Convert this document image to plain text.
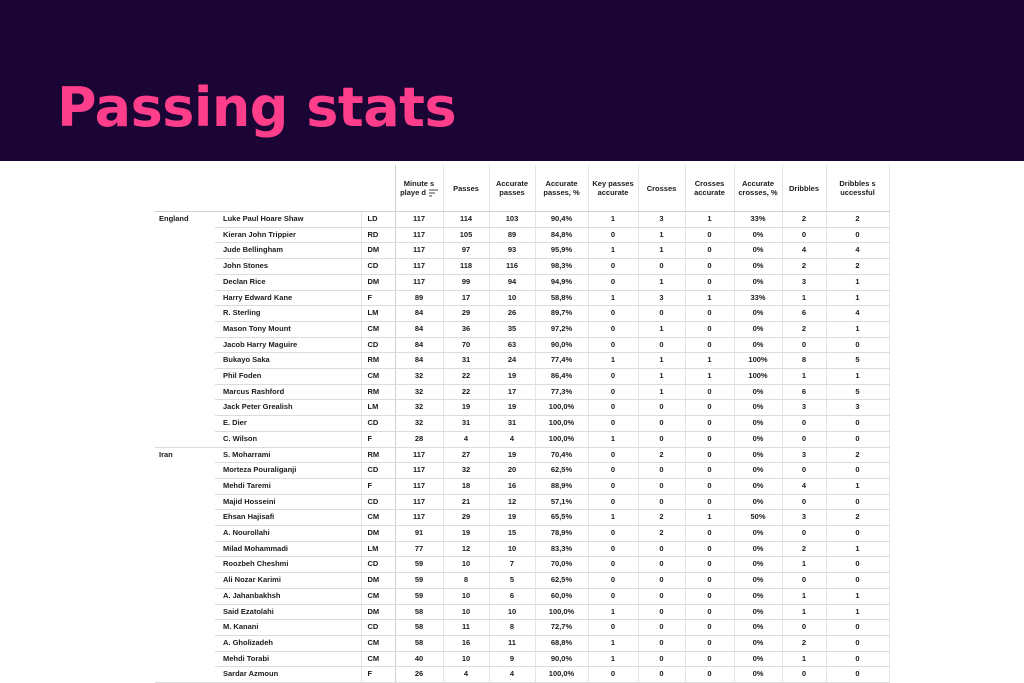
Passing stats
			Minute s playe d	Passes	Accurate passes	Accurate passes, %	Key passes accurate	Crosses	Crosses accurate	Accurate crosses, %	Dribbles	Dribbles s uccessful
England	Luke Paul Hoare Shaw	LD	117	114	103	90,4%	1	3	1	33%	2	2
	Kieran John Trippier	RD	117	105	89	84,8%	0	1	0	0%	0	0
	Jude Bellingham	DM	117	97	93	95,9%	1	1	0	0%	4	4
	John Stones	CD	117	118	116	98,3%	0	0	0	0%	2	2
	Declan Rice	DM	117	99	94	94,9%	0	1	0	0%	3	1
	Harry Edward Kane	F	89	17	10	58,8%	1	3	1	33%	1	1
	R. Sterling	LM	84	29	26	89,7%	0	0	0	0%	6	4
	Mason Tony Mount	CM	84	36	35	97,2%	0	1	0	0%	2	1
	Jacob Harry Maguire	CD	84	70	63	90,0%	0	0	0	0%	0	0
	Bukayo Saka	RM	84	31	24	77,4%	1	1	1	100%	8	5
	Phil Foden	CM	32	22	19	86,4%	0	1	1	100%	1	1
	Marcus Rashford	RM	32	22	17	77,3%	0	1	0	0%	6	5
	Jack Peter Grealish	LM	32	19	19	100,0%	0	0	0	0%	3	3
	E. Dier	CD	32	31	31	100,0%	0	0	0	0%	0	0
	C. Wilson	F	28	4	4	100,0%	1	0	0	0%	0	0
Iran	S. Moharrami	RM	117	27	19	70,4%	0	2	0	0%	3	2
	Morteza Pouraliganji	CD	117	32	20	62,5%	0	0	0	0%	0	0
	Mehdi Taremi	F	117	18	16	88,9%	0	0	0	0%	4	1
	Majid Hosseini	CD	117	21	12	57,1%	0	0	0	0%	0	0
	Ehsan Hajisafi	CM	117	29	19	65,5%	1	2	1	50%	3	2
	A. Nourollahi	DM	91	19	15	78,9%	0	2	0	0%	0	0
	Milad Mohammadi	LM	77	12	10	83,3%	0	0	0	0%	2	1
	Roozbeh Cheshmi	CD	59	10	7	70,0%	0	0	0	0%	1	0
	Ali Nozar Karimi	DM	59	8	5	62,5%	0	0	0	0%	0	0
	A. Jahanbakhsh	CM	59	10	6	60,0%	0	0	0	0%	1	1
	Said Ezatolahi	DM	58	10	10	100,0%	1	0	0	0%	1	1
	M. Kanani	CD	58	11	8	72,7%	0	0	0	0%	0	0
	A. Gholizadeh	CM	58	16	11	68,8%	1	0	0	0%	2	0
	Mehdi Torabi	CM	40	10	9	90,0%	1	0	0	0%	1	0
	Sardar Azmoun	F	26	4	4	100,0%	0	0	0	0%	0	0
